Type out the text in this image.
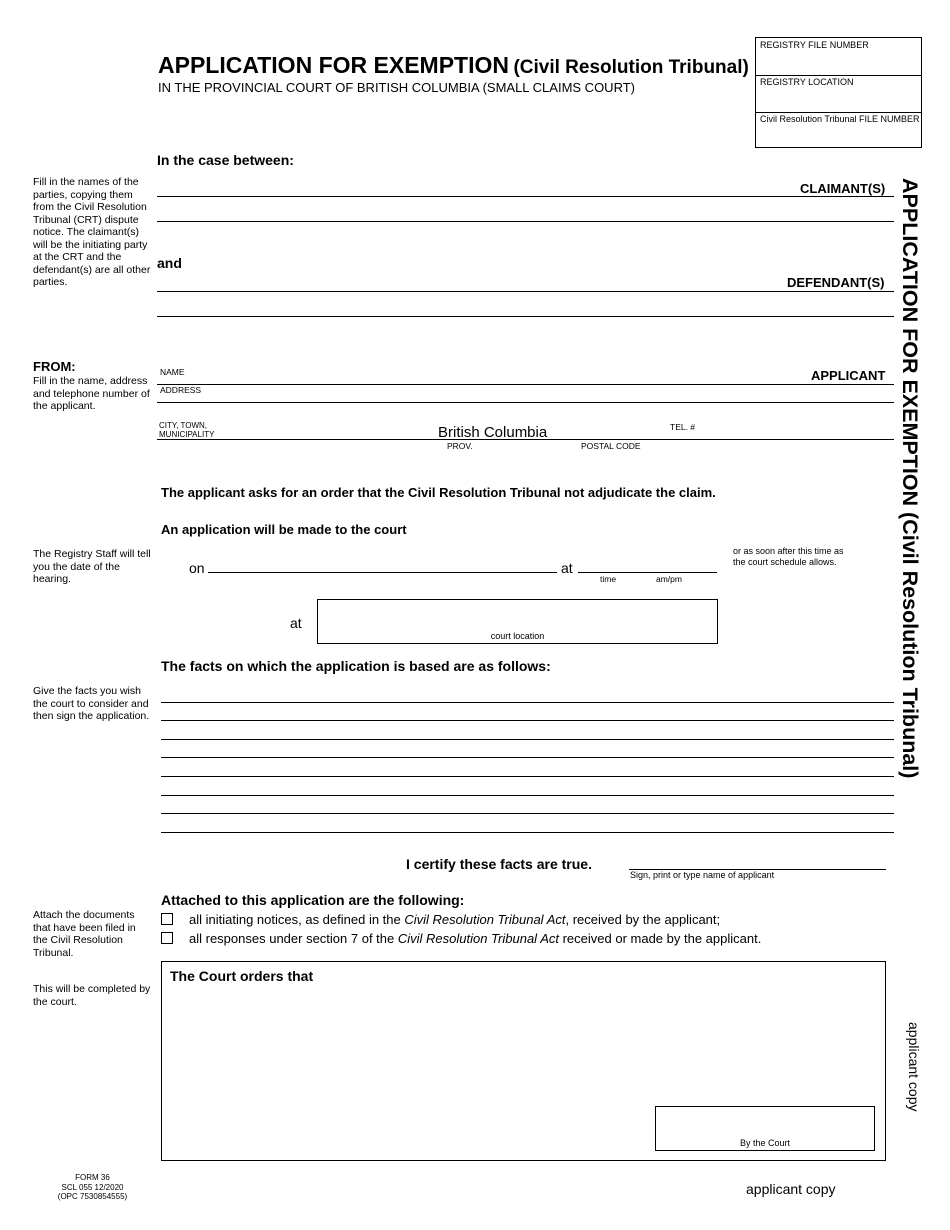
APPLICATION FOR EXEMPTION (Civil Resolution Tribunal)
IN THE PROVINCIAL COURT OF BRITISH COLUMBIA (SMALL CLAIMS COURT)
REGISTRY FILE NUMBER
REGISTRY LOCATION
Civil Resolution Tribunal FILE NUMBER
In the case between:
Fill in the names of the parties, copying them from the Civil Resolution Tribunal (CRT) dispute notice. The claimant(s) will be the initiating party at the CRT and the defendant(s) are all other parties.
CLAIMANT(S)
and
DEFENDANT(S)
FROM:
Fill in the name, address and telephone number of the applicant.
NAME	APPLICANT
ADDRESS
CITY, TOWN,
MUNICIPALITY	British Columbia	TEL. #
PROV.	POSTAL CODE
The applicant asks for an order that the Civil Resolution Tribunal not adjudicate the claim.
An application will be made to the court
The Registry Staff will tell you the date of the hearing.
on	at
time	am/pm
or as soon after this time as the court schedule allows.
at
court location
The facts on which the application is based are as follows:
Give the facts you wish the court to consider and then sign the application.
I certify these facts are true.
Sign, print or type name of applicant
Attached to this application are the following:
Attach the documents that have been filed in the Civil Resolution Tribunal.
all initiating notices, as defined in the Civil Resolution Tribunal Act, received by the applicant;
all responses under section 7 of the Civil Resolution Tribunal Act received or made by the applicant.
This will be completed by the court.
The Court orders that
By the Court
APPLICATION FOR EXEMPTION (Civil Resolution Tribunal)
applicant copy
FORM 36
SCL 055 12/2020
(OPC 7530854555)	applicant copy
